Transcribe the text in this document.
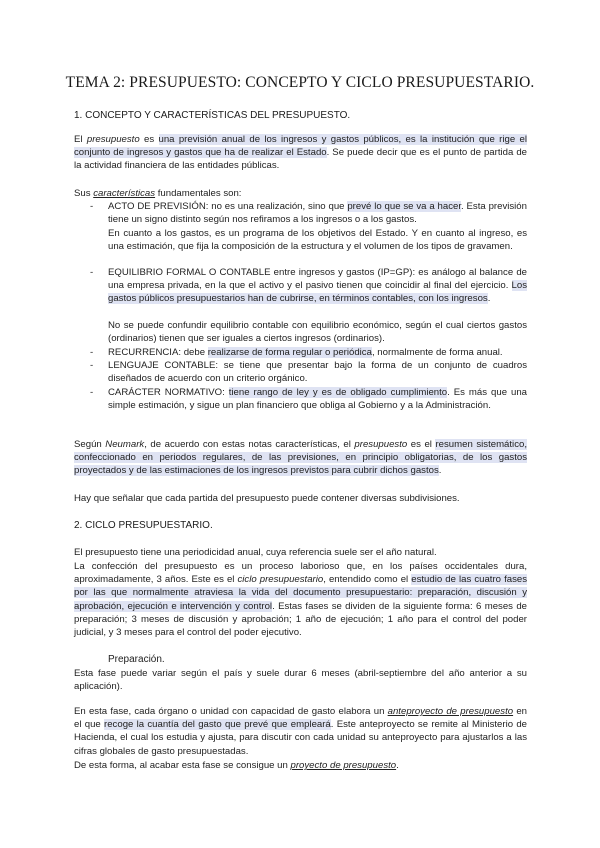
TEMA 2: PRESUPUESTO: CONCEPTO Y CICLO PRESUPUESTARIO.
1. CONCEPTO Y CARACTERÍSTICAS DEL PRESUPUESTO.
El presupuesto es una previsión anual de los ingresos y gastos públicos, es la institución que rige el conjunto de ingresos y gastos que ha de realizar el Estado. Se puede decir que es el punto de partida de la actividad financiera de las entidades públicas.
Sus características fundamentales son:
- ACTO DE PREVISIÓN: no es una realización, sino que prevé lo que se va a hacer. Esta previsión tiene un signo distinto según nos refiramos a los ingresos o a los gastos.
En cuanto a los gastos, es un programa de los objetivos del Estado. Y en cuanto al ingreso, es una estimación, que fija la composición de la estructura y el volumen de los tipos de gravamen.
- EQUILIBRIO FORMAL O CONTABLE entre ingresos y gastos (IP=GP): es análogo al balance de una empresa privada, en la que el activo y el pasivo tienen que coincidir al final del ejercicio. Los gastos públicos presupuestarios han de cubrirse, en términos contables, con los ingresos.
No se puede confundir equilibrio contable con equilibrio económico, según el cual ciertos gastos (ordinarios) tienen que ser iguales a ciertos ingresos (ordinarios).
- RECURRENCIA: debe realizarse de forma regular o periódica, normalmente de forma anual.
- LENGUAJE CONTABLE: se tiene que presentar bajo la forma de un conjunto de cuadros diseñados de acuerdo con un criterio orgánico.
- CARÁCTER NORMATIVO: tiene rango de ley y es de obligado cumplimiento. Es más que una simple estimación, y sigue un plan financiero que obliga al Gobierno y a la Administración.
Según Neumark, de acuerdo con estas notas características, el presupuesto es el resumen sistemático, confeccionado en periodos regulares, de las previsiones, en principio obligatorias, de los gastos proyectados y de las estimaciones de los ingresos previstos para cubrir dichos gastos.
Hay que señalar que cada partida del presupuesto puede contener diversas subdivisiones.
2. CICLO PRESUPUESTARIO.
El presupuesto tiene una periodicidad anual, cuya referencia suele ser el año natural.
La confección del presupuesto es un proceso laborioso que, en los países occidentales dura, aproximadamente, 3 años. Este es el ciclo presupuestario, entendido como el estudio de las cuatro fases por las que normalmente atraviesa la vida del documento presupuestario: preparación, discusión y aprobación, ejecución e intervención y control. Estas fases se dividen de la siguiente forma: 6 meses de preparación; 3 meses de discusión y aprobación; 1 año de ejecución; 1 año para el control del poder judicial, y 3 meses para el control del poder ejecutivo.
Preparación.
Esta fase puede variar según el país y suele durar 6 meses (abril-septiembre del año anterior a su aplicación).
En esta fase, cada órgano o unidad con capacidad de gasto elabora un anteproyecto de presupuesto en el que recoge la cuantía del gasto que prevé que empleará. Este anteproyecto se remite al Ministerio de Hacienda, el cual los estudia y ajusta, para discutir con cada unidad su anteproyecto para ajustarlos a las cifras globales de gasto presupuestadas.
De esta forma, al acabar esta fase se consigue un proyecto de presupuesto.
